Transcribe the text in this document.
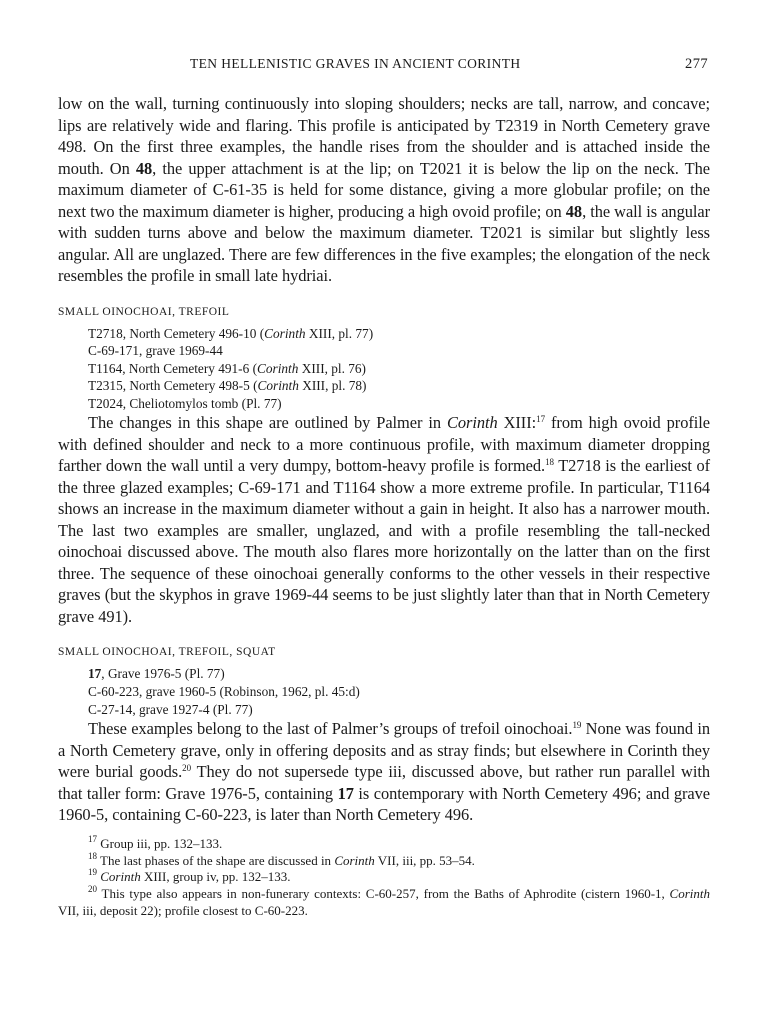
TEN HELLENISTIC GRAVES IN ANCIENT CORINTH	277

low on the wall, turning continuously into sloping shoulders; necks are tall, narrow, and concave; lips are relatively wide and flaring. This profile is anticipated by T2319 in North Cemetery grave 498. On the first three examples, the handle rises from the shoulder and is attached inside the mouth. On 48, the upper attachment is at the lip; on T2021 it is below the lip on the neck. The maximum diameter of C-61-35 is held for some distance, giving a more globular profile; on the next two the maximum diameter is higher, producing a high ovoid profile; on 48, the wall is angular with sudden turns above and below the maximum diameter. T2021 is similar but slightly less angular. All are unglazed. There are few differences in the five examples; the elongation of the neck resembles the profile in small late hydriai.

SMALL OINOCHOAI, TREFOIL
T2718, North Cemetery 496-10 (Corinth XIII, pl. 77)
C-69-171, grave 1969-44
T1164, North Cemetery 491-6 (Corinth XIII, pl. 76)
T2315, North Cemetery 498-5 (Corinth XIII, pl. 78)
T2024, Cheliotomylos tomb (Pl. 77)

The changes in this shape are outlined by Palmer in Corinth XIII:$^{17}$ from high ovoid profile with defined shoulder and neck to a more continuous profile, with maximum diameter dropping farther down the wall until a very dumpy, bottom-heavy profile is formed.$^{18}$ T2718 is the earliest of the three glazed examples; C-69-171 and T1164 show a more extreme profile. In particular, T1164 shows an increase in the maximum diameter without a gain in height. It also has a narrower mouth. The last two examples are smaller, unglazed, and with a profile resembling the tall-necked oinochoai discussed above. The mouth also flares more horizontally on the latter than on the first three. The sequence of these oinochoai generally conforms to the other vessels in their respective graves (but the skyphos in grave 1969-44 seems to be just slightly later than that in North Cemetery grave 491).

SMALL OINOCHOAI, TREFOIL, SQUAT
17, Grave 1976-5 (Pl. 77)
C-60-223, grave 1960-5 (Robinson, 1962, pl. 45:d)
C-27-14, grave 1927-4 (Pl. 77)

These examples belong to the last of Palmer’s groups of trefoil oinochoai.$^{19}$ None was found in a North Cemetery grave, only in offering deposits and as stray finds; but elsewhere in Corinth they were burial goods.$^{20}$ They do not supersede type iii, discussed above, but rather run parallel with that taller form: Grave 1976-5, containing 17 is contemporary with North Cemetery 496; and grave 1960-5, containing C-60-223, is later than North Cemetery 496.

$^{17}$ Group iii, pp. 132–133.

$^{18}$ The last phases of the shape are discussed in Corinth VII, iii, pp. 53–54.

$^{19}$ Corinth XIII, group iv, pp. 132–133.

$^{20}$ This type also appears in non-funerary contexts: C-60-257, from the Baths of Aphrodite (cistern 1960-1, Corinth VII, iii, deposit 22); profile closest to C-60-223.
